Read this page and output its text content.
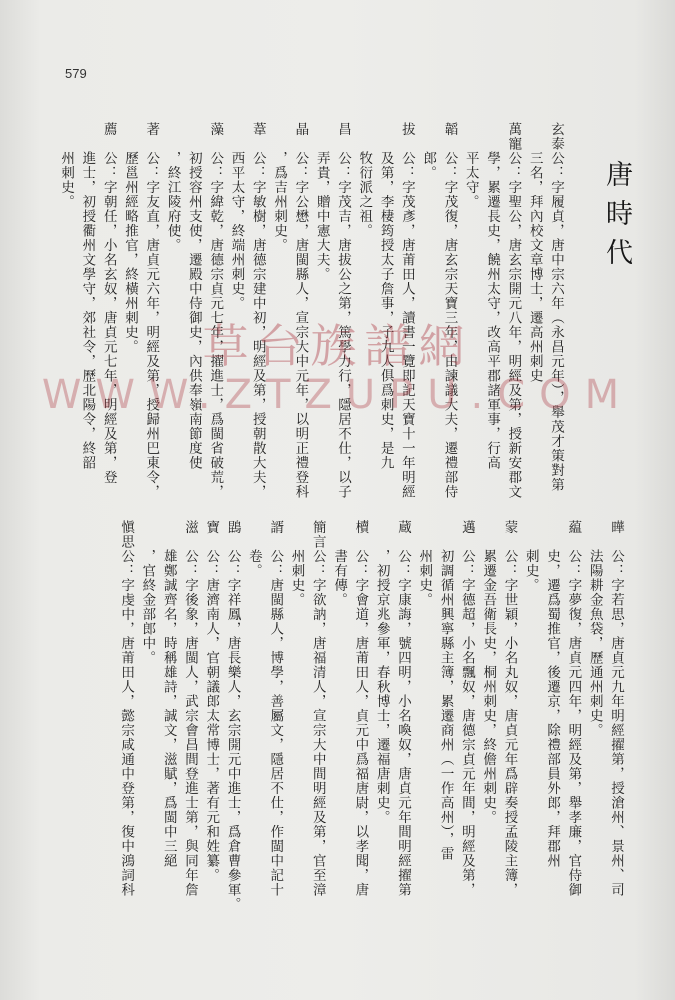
579
唐時代
玄泰公：字履貞，唐中宗六年（永昌元年），舉茂才策對第
　　三名，拜內校文章博士，遷高州刺史
萬寵公：字聖公，唐玄宗開元八年，明經及第，授新安郡文
　　學，累遷長史，饒州太守，改高平郡諸軍事，行高
　　平太守。
韜　公：字茂復，唐玄宗天寶三年，由諫議大夫，遷禮部侍
　　郎。
拔　公：字茂彥，唐莆田人，讀書一覽即記天寶十一年明經
　　及第，李棲筠授太子詹事，子九人俱爲刺史，是九
　　牧衍派之祖。
昌　公：字茂吉，唐拔公之第，篤學力行，隱居不仕，以子
　　弄貴，贈中憲大夫。
晶　公：字公懋，唐閩縣人，宣宗大中元年，以明正禮登科
　　，爲吉州刺史。
葦　公：字敏樹，唐德宗建中初，明經及第，授朝散大夫，
　　西平太守，終端州刺史。
藻　公：字緯乾，唐德宗貞元七年，擢進士，爲閩省破荒，
　　初授容州支使，遷殿中侍御史，內供奉嶺南節度使
　　，終江陵府使。
著　公：字友直，唐貞元六年，明經及第，授歸州巴東令，
　　歷邕州經略推官，終橫州刺史。
薦　公：字朝任，小名玄奴，唐貞元七年，明經及第，登
　　進士，初授衢州文學守，郊社令，歷北陽令，終韶
　　州刺史。
曄　公：字若思，唐貞元九年明經擢第，授滄州、景州、司
　　法陽耕金魚袋，歷通州刺史。
藴　公：字夢復，唐貞元四年，明經及第，舉孝廉，官侍御
　　史，遷爲蜀推官，後遷京，除禮部員外郎，拜郡州
　　刺史。
蒙　公：字世穎，小名丸奴，唐貞元年爲辟奏授孟陵主簿，
　　累遷金吾衛長史，桐州刺史，終儋州刺史。
邁　公：字德超，小名飄奴，唐德宗貞元年間，明經及第，
　　初調循州興寧縣主簿，累遷商州（一作高州），雷
　　州刺史。
蔵　公：字康誨，號四明，小名喚奴，唐貞元年間明經擢第
　　，初授京兆參軍，春秋博士，遷福唐刺史。
櫝　公：字會道，唐莆田人，貞元中爲福唐尉，以孝聞，唐
　　書有傳。
簡言公：字欲訥，唐福清人，宣宗大中間明經及第，官至漳
　　州刺史。
諝　公：唐閩縣人，博學，善屬文，隱居不仕，作閩中記十
　　卷。
鵾　公：字祥鳳，唐長樂人，玄宗開元中進士，爲倉曹參軍。
寶　公：唐濟南人，官朝議郎太常博士，著有元和姓纂。
滋　公：字後象，唐閩人，武宗會昌間登進士第，與同年詹
　　雄鄭誠齊名，時稱雄詩，誠文，滋賦，爲閩中三絕
　　，官終金部郎中。
愼思公：字虔中，唐莆田人，懿宗咸通中登第，復中鴻詞科
草台族譜網
WWW.ZTZUPU.COM
